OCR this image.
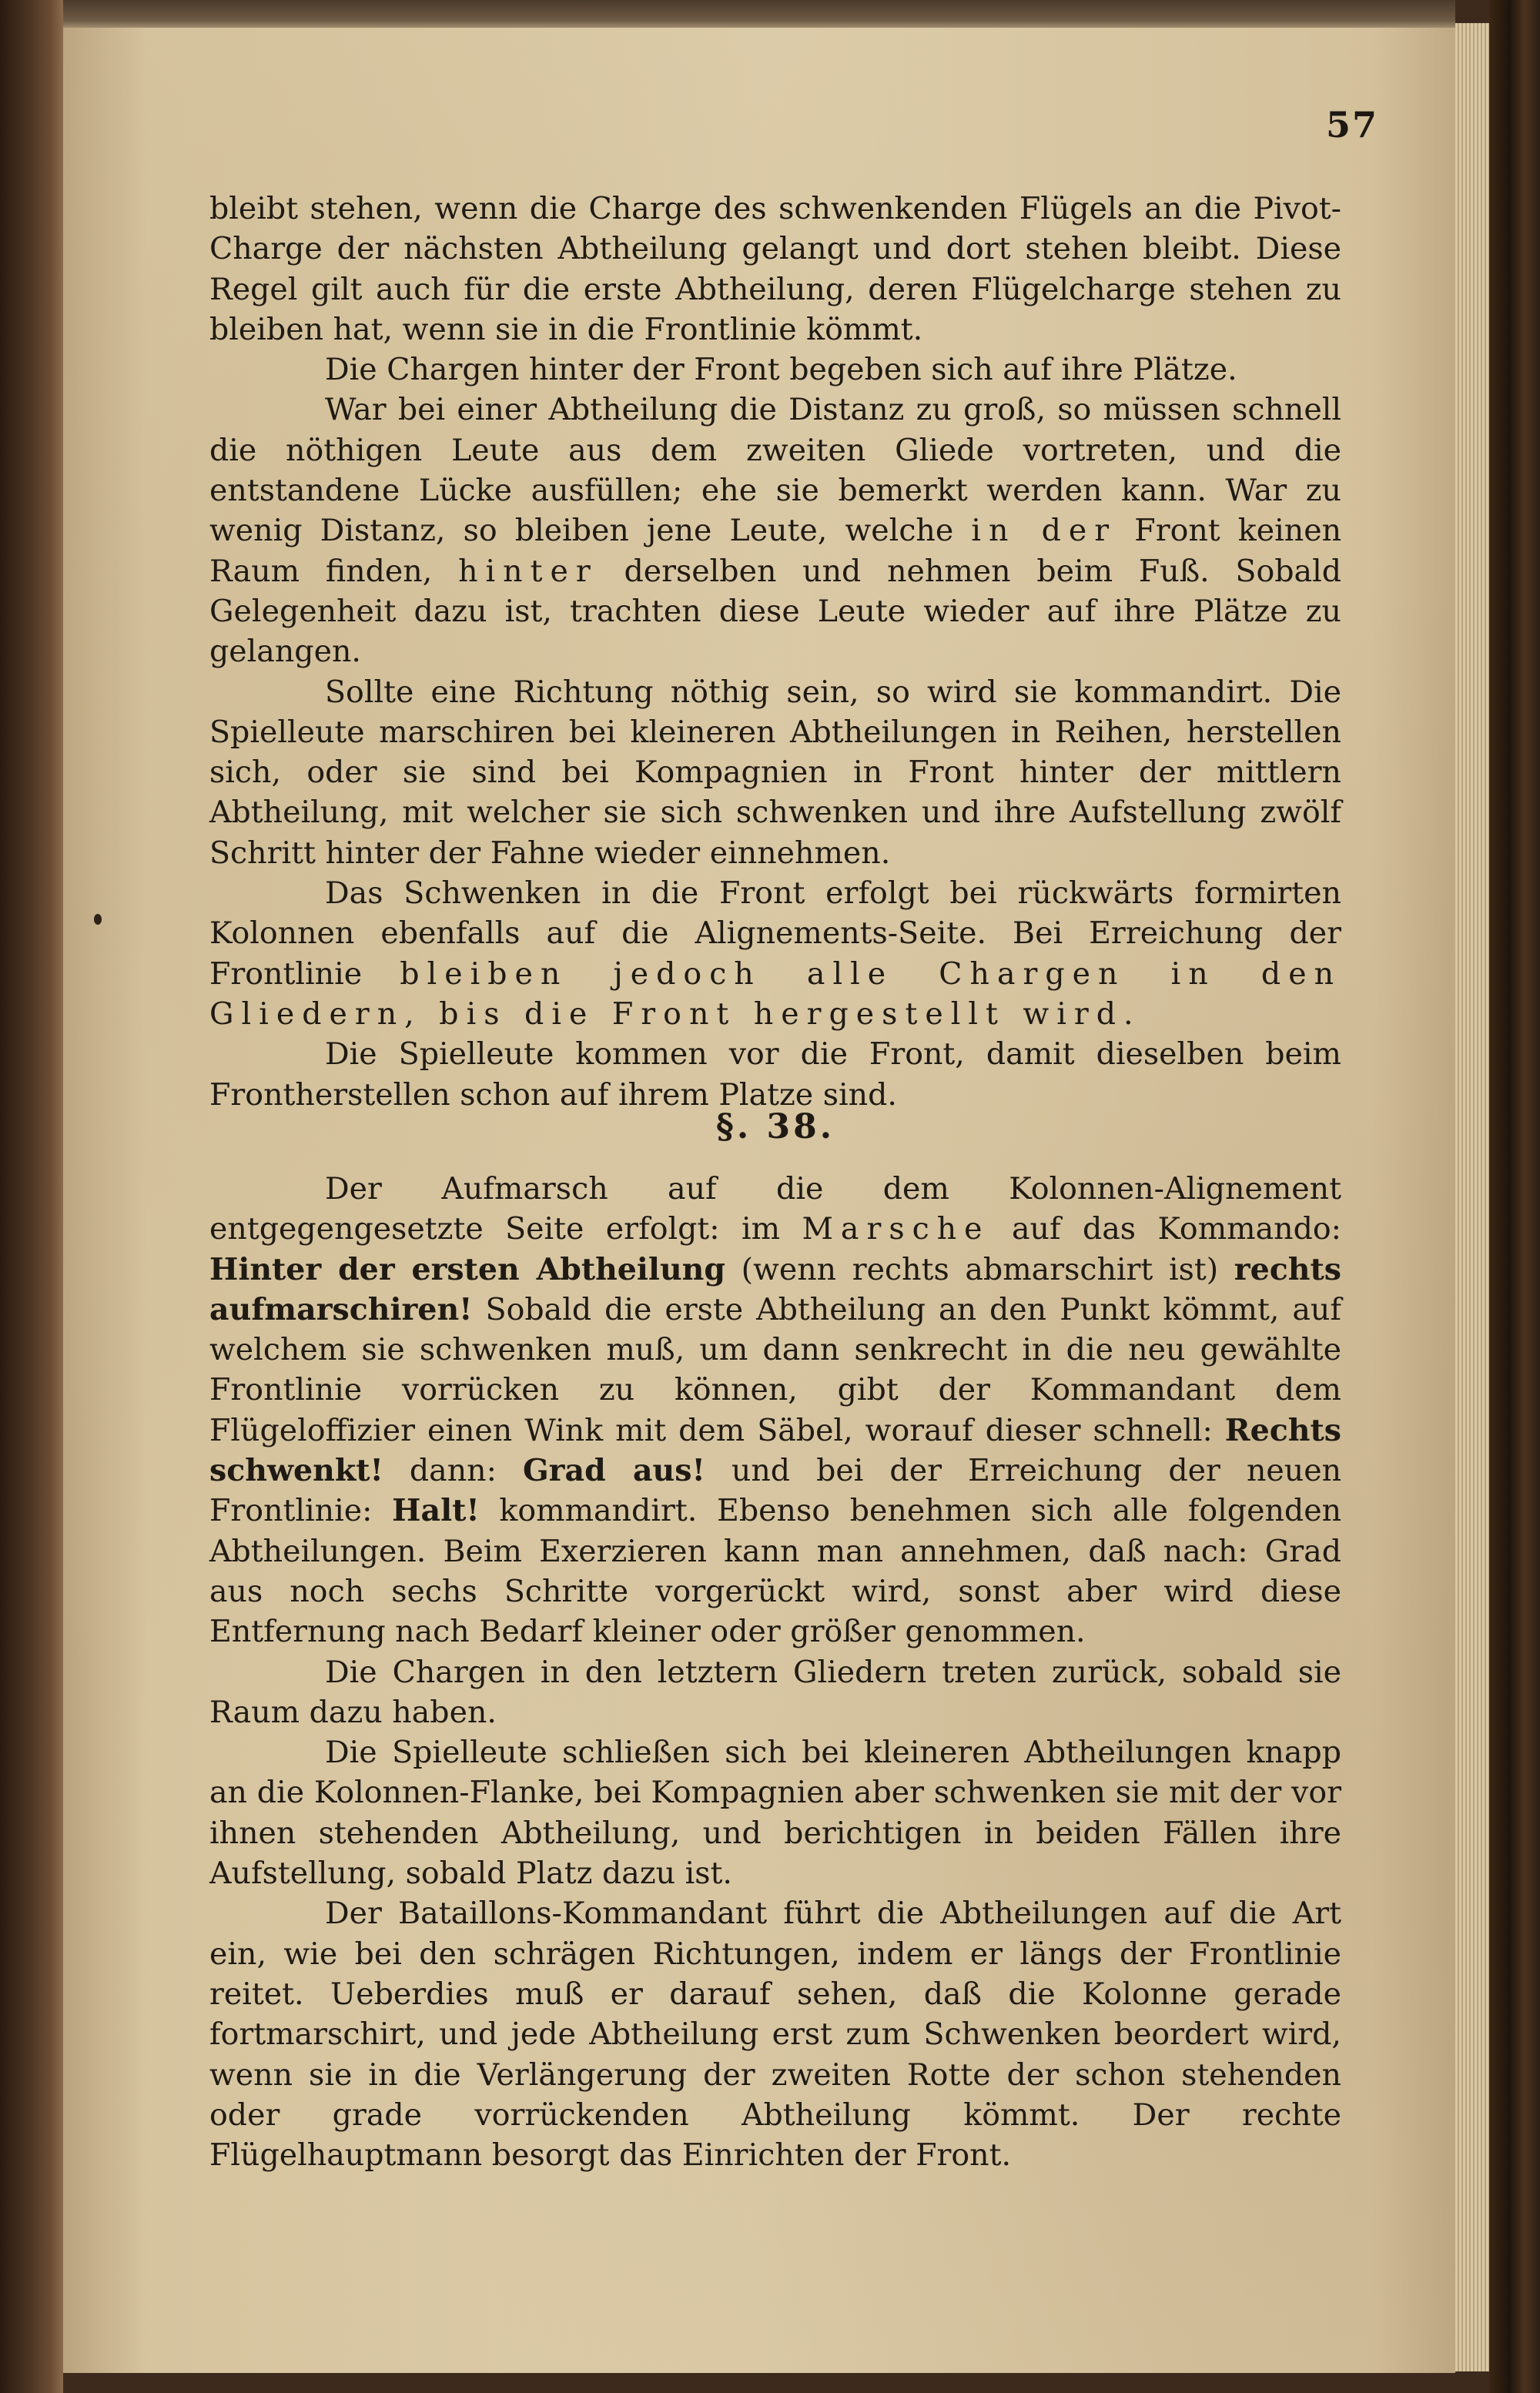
57

bleibt stehen, wenn die Charge des schwenkenden Flügels an die Pivot-Charge der nächsten Abtheilung gelangt und dort stehen bleibt. Diese Regel gilt auch für die erste Abtheilung, deren Flügelcharge stehen zu bleiben hat, wenn sie in die Frontlinie kömmt.

Die Chargen hinter der Front begeben sich auf ihre Plätze.

War bei einer Abtheilung die Distanz zu groß, so müssen schnell die nöthigen Leute aus dem zweiten Gliede vortreten, und die entstandene Lücke ausfüllen; ehe sie bemerkt werden kann. War zu wenig Distanz, so bleiben jene Leute, welche in der Front keinen Raum finden, hinter derselben und nehmen beim Fuß. Sobald Gelegenheit dazu ist, trachten diese Leute wieder auf ihre Plätze zu gelangen.

Sollte eine Richtung nöthig sein, so wird sie kommandirt. Die Spielleute marschiren bei kleineren Abtheilungen in Reihen, herstellen sich, oder sie sind bei Kompagnien in Front hinter der mittlern Abtheilung, mit welcher sie sich schwenken und ihre Aufstellung zwölf Schritt hinter der Fahne wieder einnehmen.

Das Schwenken in die Front erfolgt bei rückwärts formirten Kolonnen ebenfalls auf die Alignements-Seite. Bei Erreichung der Frontlinie bleiben jedoch alle Chargen in den Gliedern, bis die Front hergestellt wird.

Die Spielleute kommen vor die Front, damit dieselben beim Frontherstellen schon auf ihrem Platze sind.

§. 38.

Der Aufmarsch auf die dem Kolonnen-Alignement entgegengesetzte Seite erfolgt: im Marsche auf das Kommando: Hinter der ersten Abtheilung (wenn rechts abmarschirt ist) rechts aufmarschiren! Sobald die erste Abtheilung an den Punkt kömmt, auf welchem sie schwenken muß, um dann senkrecht in die neu gewählte Frontlinie vorrücken zu können, gibt der Kommandant dem Flügeloffizier einen Wink mit dem Säbel, worauf dieser schnell: Rechts schwenkt! dann: Grad aus! und bei der Erreichung der neuen Frontlinie: Halt! kommandirt. Ebenso benehmen sich alle folgenden Abtheilungen. Beim Exerzieren kann man annehmen, daß nach: Grad aus noch sechs Schritte vorgerückt wird, sonst aber wird diese Entfernung nach Bedarf kleiner oder größer genommen.

Die Chargen in den letztern Gliedern treten zurück, sobald sie Raum dazu haben.

Die Spielleute schließen sich bei kleineren Abtheilungen knapp an die Kolonnen-Flanke, bei Kompagnien aber schwenken sie mit der vor ihnen stehenden Abtheilung, und berichtigen in beiden Fällen ihre Aufstellung, sobald Platz dazu ist.

Der Bataillons-Kommandant führt die Abtheilungen auf die Art ein, wie bei den schrägen Richtungen, indem er längs der Frontlinie reitet. Ueberdies muß er darauf sehen, daß die Kolonne gerade fortmarschirt, und jede Abtheilung erst zum Schwenken beordert wird, wenn sie in die Verlängerung der zweiten Rotte der schon stehenden oder grade vorrückenden Abtheilung kömmt. Der rechte Flügelhauptmann besorgt das Einrichten der Front.
